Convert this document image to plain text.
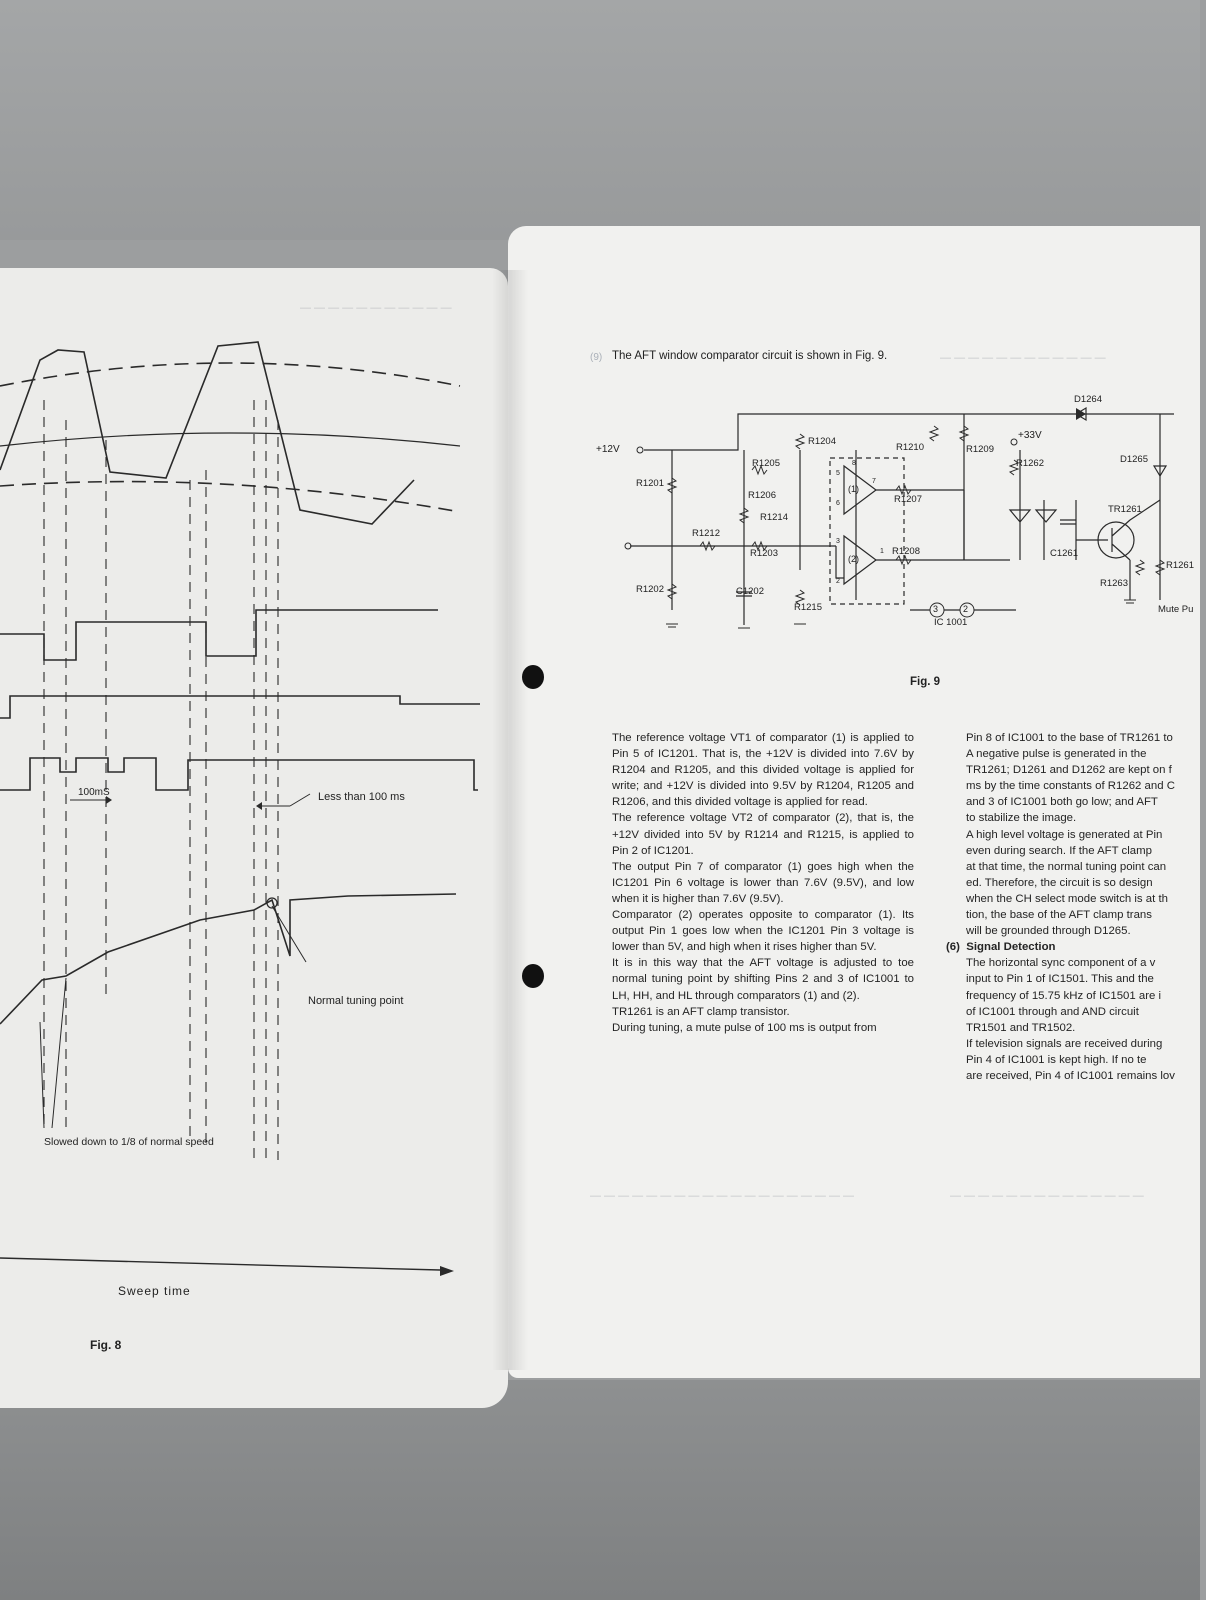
— — — — — — — — — — —
— — — — — — — — — — — —
— — — — — — — — — — — — — — — — — — —	— — — — — — — — — — — — — —
100mS	Less than 100 ms
Normal tuning point
Slowed down to 1/8 of normal speed
Sweep time
Fig. 8
(9) The AFT window comparator circuit is shown in Fig. 9.
+12V
+33V
R1204
R1205
R1206
R1214
R1201
R1212
R1203
R1202	C1202
R1215
R1210	R1209
R1262
R1207
R1208
D1264
D1265
TR1261
C1261
R1263
R1261
(1)
(2)
5
8
7
6
1
3
2
3	2
IC 1001
Mute Pu
Fig. 9

The reference voltage VT1 of comparator (1) is applied to Pin 5 of IC1201. That is, the +12V is divided into 7.6V by R1204 and R1205, and this divided voltage is applied for write; and +12V is divided into 9.5V by R1204, R1205 and R1206, and this divided voltage is applied for read.

The reference voltage VT2 of comparator (2), that is, the +12V divided into 5V by R1214 and R1215, is applied to Pin 2 of IC1201.

The output Pin 7 of comparator (1) goes high when the IC1201 Pin 6 voltage is lower than 7.6V (9.5V), and low when it is higher than 7.6V (9.5V).

Comparator (2) operates opposite to comparator (1). Its output Pin 1 goes low when the IC1201 Pin 3 voltage is lower than 5V, and high when it rises higher than 5V.

It is in this way that the AFT voltage is adjusted to toe normal tuning point by shifting Pins 2 and 3 of IC1001 to LH, HH, and HL through comparators (1) and (2).

TR1261 is an AFT clamp transistor.

During tuning, a mute pulse of 100 ms is output from

Pin 8 of IC1001 to the base of TR1261 to

A negative pulse is generated in the

TR1261; D1261 and D1262 are kept on f

ms by the time constants of R1262 and C

and 3 of IC1001 both go low; and AFT

to stabilize the image.

A high level voltage is generated at Pin

even during search. If the AFT clamp

at that time, the normal tuning point can

ed. Therefore, the circuit is so design

when the CH select mode switch is at th

tion, the base of the AFT clamp trans

will be grounded through D1265.

(6) Signal Detection

The horizontal sync component of a v

input to Pin 1 of IC1501. This and the

frequency of 15.75 kHz of IC1501 are i

of IC1001 through and AND circuit

TR1501 and TR1502.

If television signals are received during

Pin 4 of IC1001 is kept high. If no te

are received, Pin 4 of IC1001 remains lov
